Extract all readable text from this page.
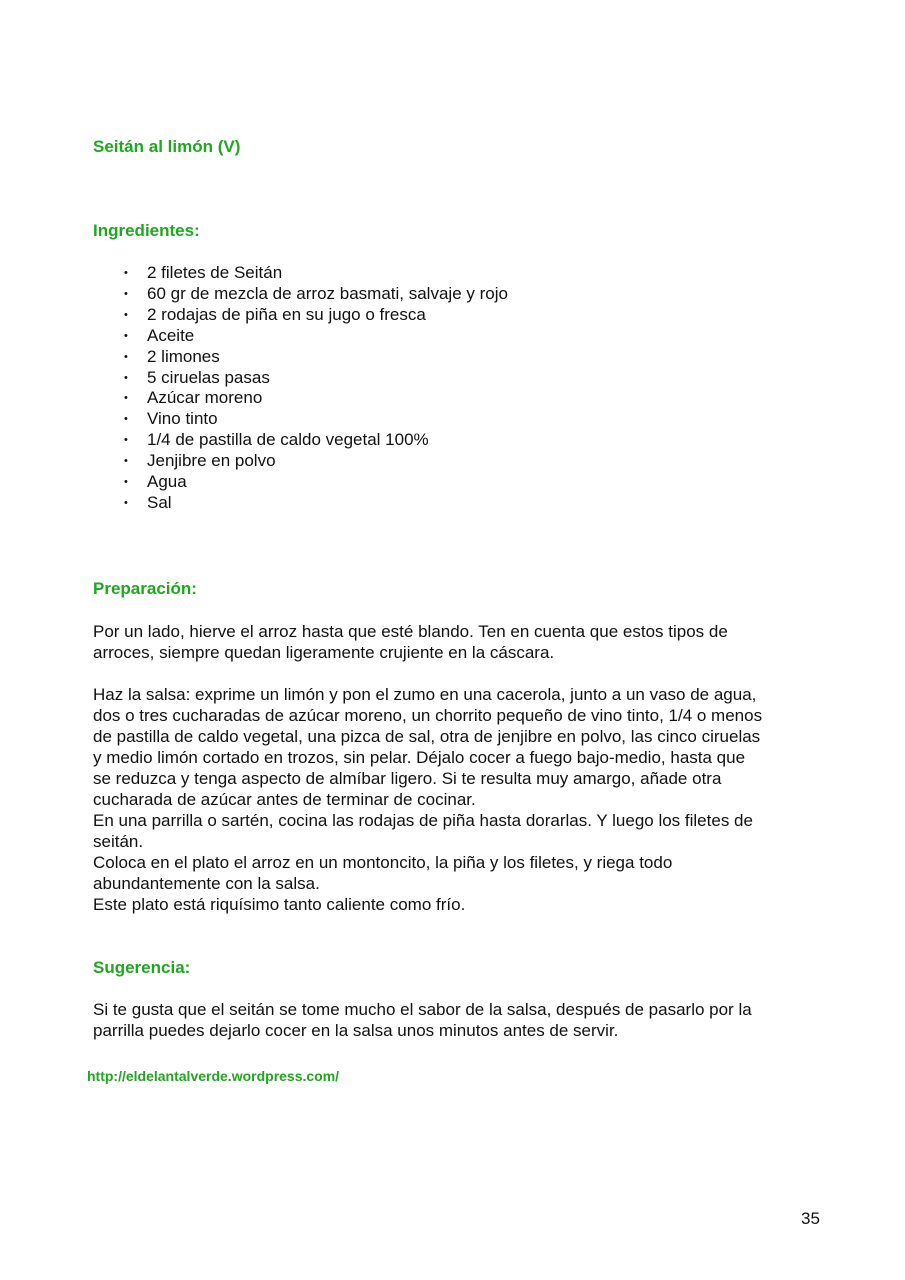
Seitán al limón (V)
Ingredientes:
• 2 filetes de Seitán
• 60 gr de mezcla de arroz basmati, salvaje y rojo
• 2 rodajas de piña en su jugo o fresca
• Aceite
• 2 limones
• 5 ciruelas pasas
• Azúcar moreno
• Vino tinto
• 1/4 de pastilla de caldo vegetal 100%
• Jenjibre en polvo
• Agua
• Sal
Preparación:

Por un lado, hierve el arroz hasta que esté blando. Ten en cuenta que estos tipos de
arroces, siempre quedan ligeramente crujiente en la cáscara.

Haz la salsa: exprime un limón y pon el zumo en una cacerola, junto a un vaso de agua,
dos o tres cucharadas de azúcar moreno, un chorrito pequeño de vino tinto, 1/4 o menos
de pastilla de caldo vegetal, una pizca de sal, otra de jenjibre en polvo, las cinco ciruelas
y medio limón cortado en trozos, sin pelar. Déjalo cocer a fuego bajo-medio, hasta que
se reduzca y tenga aspecto de almíbar ligero. Si te resulta muy amargo, añade otra
cucharada de azúcar antes de terminar de cocinar.
En una parrilla o sartén, cocina las rodajas de piña hasta dorarlas. Y luego los filetes de
seitán.
Coloca en el plato el arroz en un montoncito, la piña y los filetes, y riega todo
abundantemente con la salsa.
Este plato está riquísimo tanto caliente como frío.

Sugerencia:

Si te gusta que el seitán se tome mucho el sabor de la salsa, después de pasarlo por la
parrilla puedes dejarlo cocer en la salsa unos minutos antes de servir.

http://eldelantalverde.wordpress.com/
35
